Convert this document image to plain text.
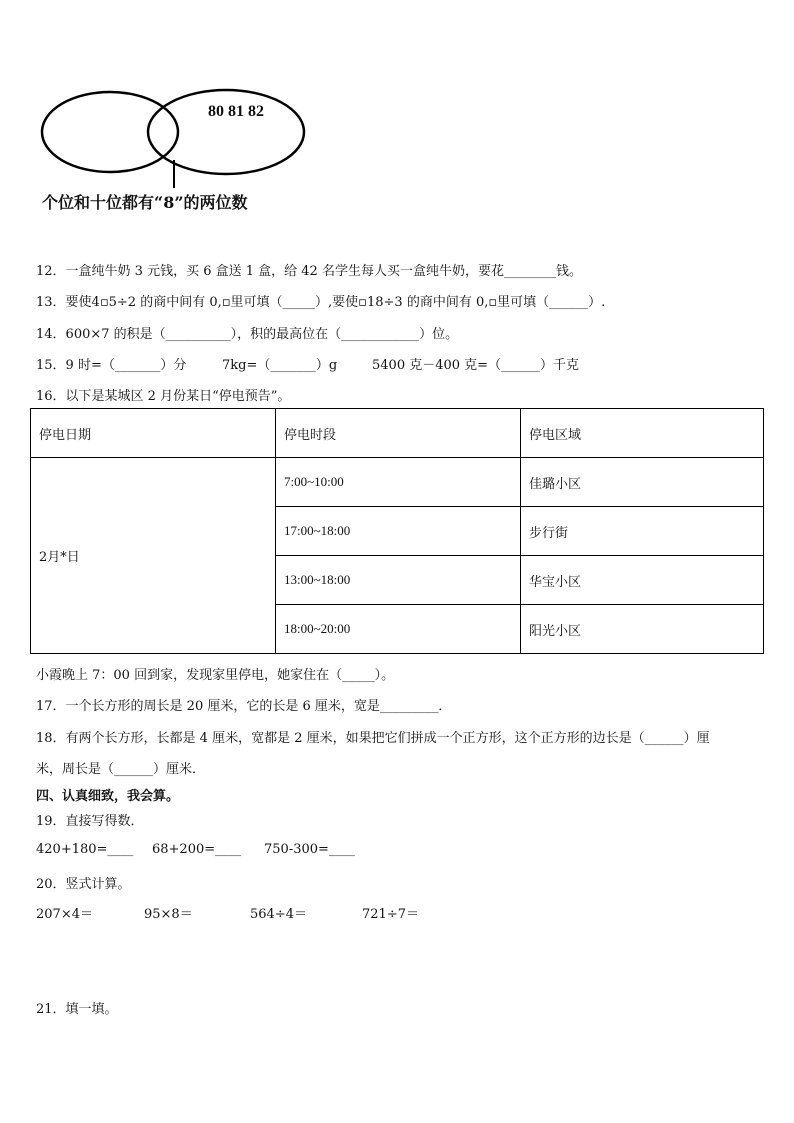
80 81 82
个位和十位都有“8”的两位数
12．一盒纯牛奶 3 元钱，买 6 盒送 1 盒，给 42 名学生每人买一盒纯牛奶，要花________钱。
13．要使4▫5÷2 的商中间有 0,▫里可填（_____）,要使▫18÷3 的商中间有 0,▫里可填（______）.
14．600×7 的积是（__________），积的最高位在（____________）位。
15．9 时=（_______）分	7kg=（_______）g	5400 克－400 克=（______）千克
16．以下是某城区 2 月份某日“停电预告”。
停电日期	停电时段	停电区域
2月*日	7:00~10:00	佳璐小区
	17:00~18:00	步行街
	13:00~18:00	华宝小区
	18:00~20:00	阳光小区
小霞晚上 7：00 回到家，发现家里停电，她家住在（_____）。
17．一个长方形的周长是 20 厘米，它的长是 6 厘米，宽是_________．
18．有两个长方形，长都是 4 厘米，宽都是 2 厘米，如果把它们拼成一个正方形，这个正方形的边长是（______）厘
米，周长是（______）厘米．
四、认真细致，我会算。
19．直接写得数．
420+180=____ 68+200=____ 750-300=____
20．竖式计算。
207×4＝	95×8＝	564÷4＝	721÷7＝
21．填一填。
